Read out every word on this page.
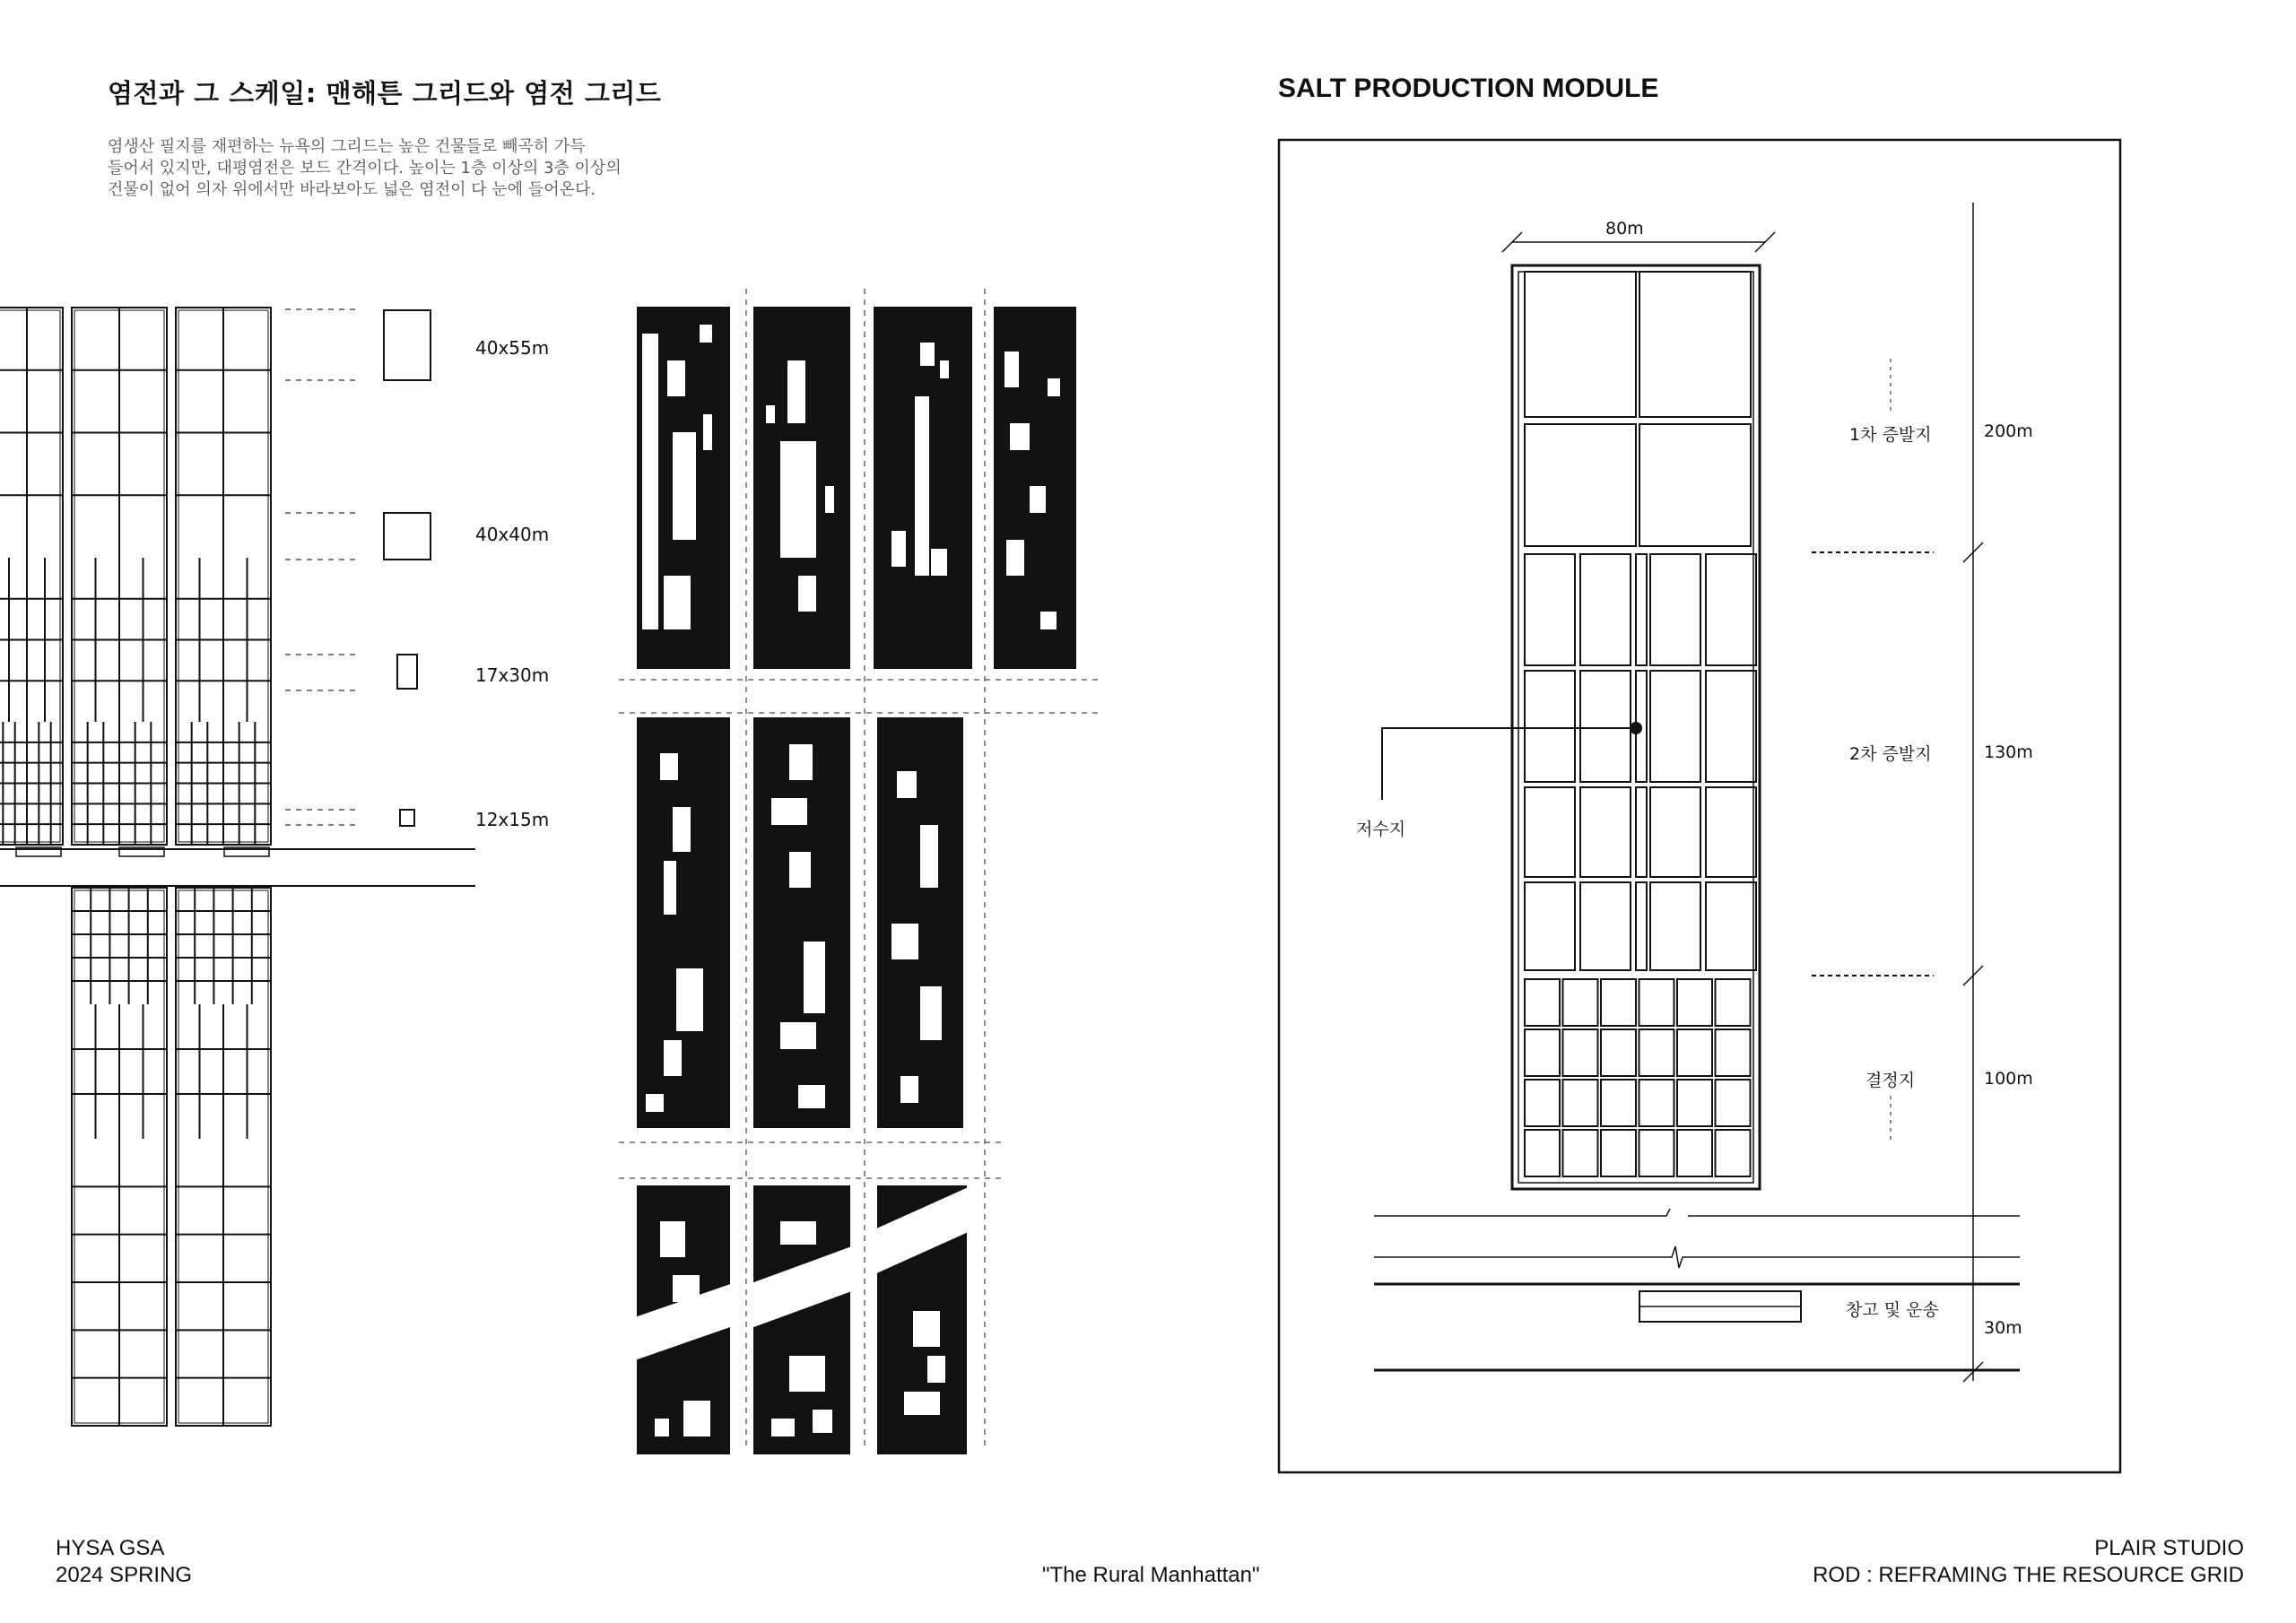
염전과 그 스케일: 맨해튼 그리드와 염전 그리드
염생산 필지를 재편하는 뉴욕의 그리드는 높은 건물들로 빼곡히 가득
들어서 있지만, 대평염전은 보드 간격이다. 높이는 1층 이상의 3층 이상의
건물이 없어 의자 위에서만 바라보아도 넓은 염전이 다 눈에 들어온다.
SALT PRODUCTION MODULE
40x55m
40x40m
17x30m
12x15m
80m
1차 증발지	200m
2차 증발지	130m
결정지	100m
저수지
창고 및 운송
30m
HYSA GSA
2024 SPRING	"The Rural Manhattan"
PLAIR STUDIO
ROD : REFRAMING THE RESOURCE GRID
